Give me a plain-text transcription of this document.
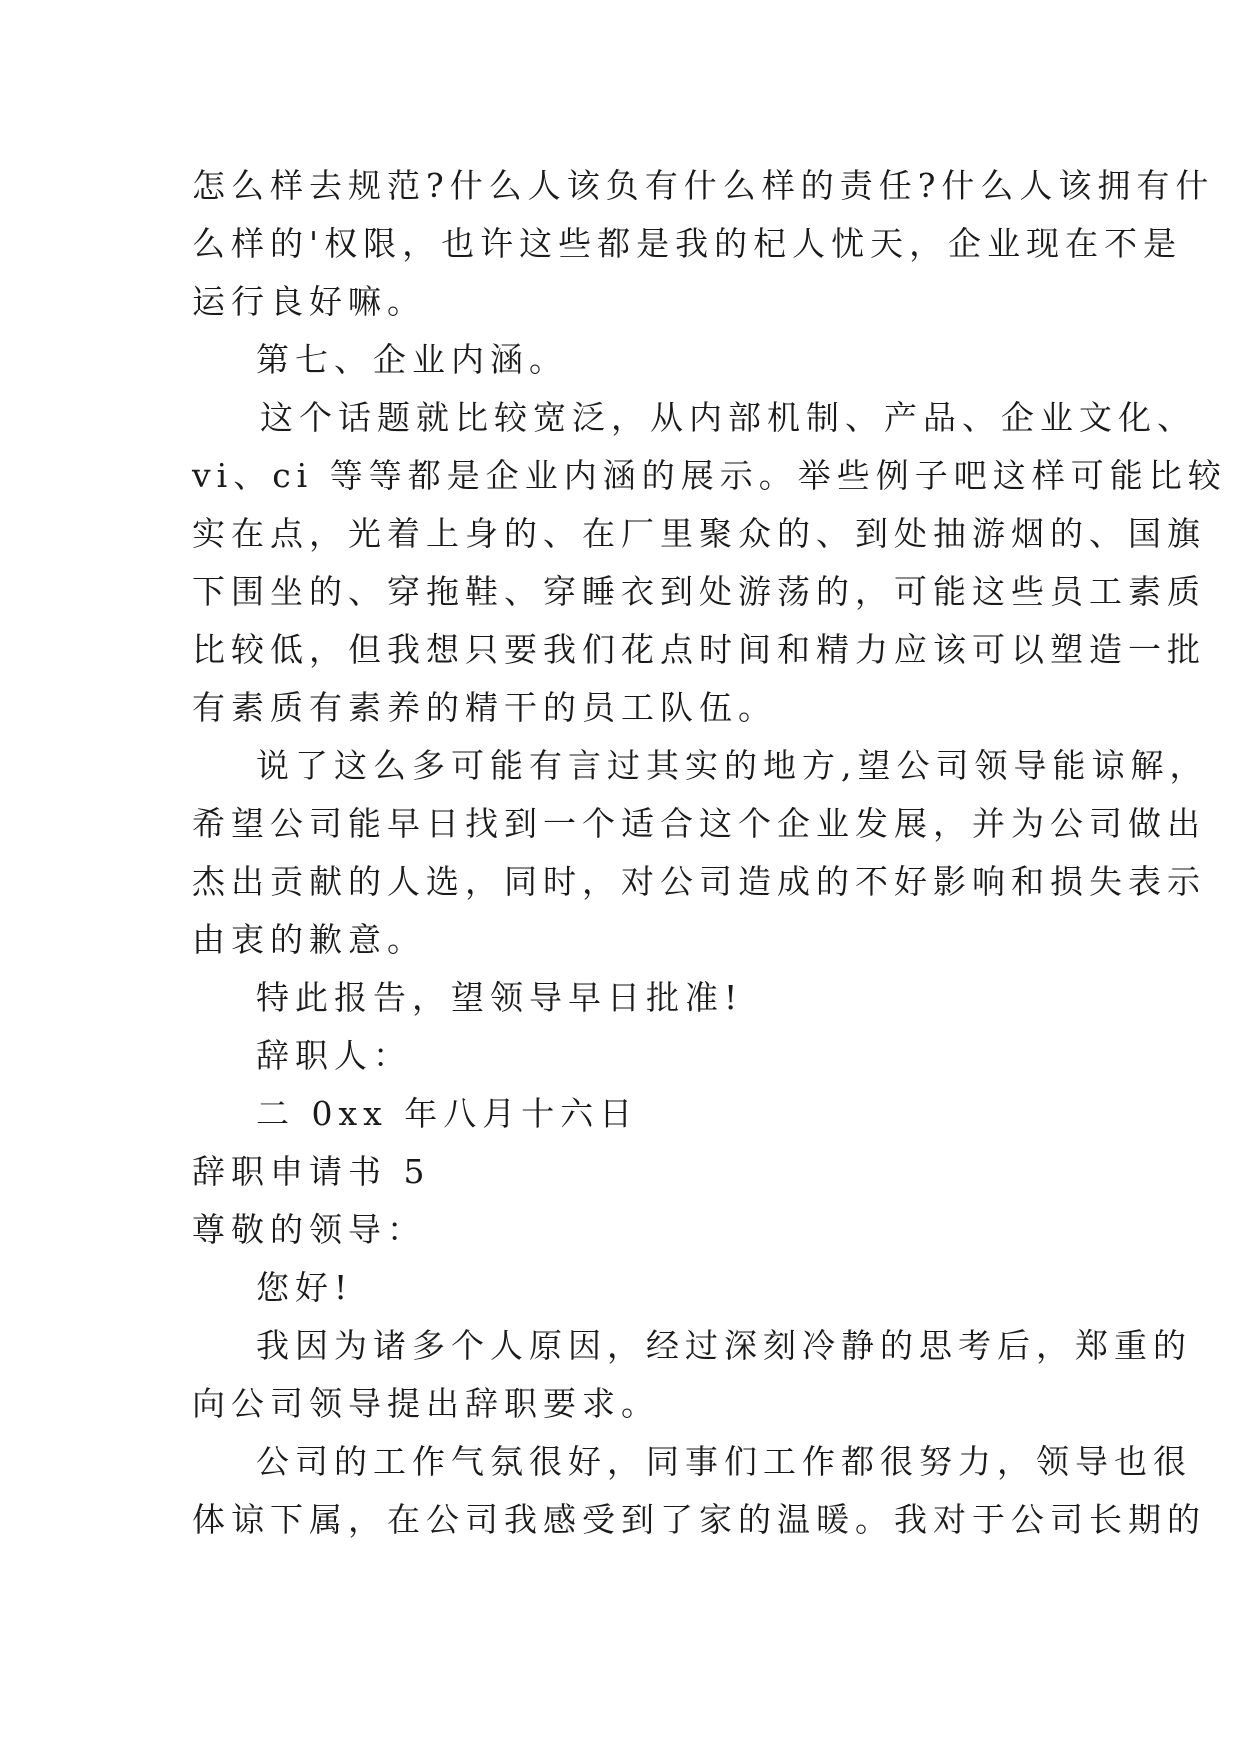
怎么样去规范?什么人该负有什么样的责任?什么人该拥有什
么样的'权限，也许这些都是我的杞人忧天，企业现在不是
运行良好嘛。
第七、企业内涵。
这个话题就比较宽泛，从内部机制、产品、企业文化、
vi、ci 等等都是企业内涵的展示。举些例子吧这样可能比较
实在点，光着上身的、在厂里聚众的、到处抽游烟的、国旗
下围坐的、穿拖鞋、穿睡衣到处游荡的，可能这些员工素质
比较低，但我想只要我们花点时间和精力应该可以塑造一批
有素质有素养的精干的员工队伍。
说了这么多可能有言过其实的地方,望公司领导能谅解，
希望公司能早日找到一个适合这个企业发展，并为公司做出
杰出贡献的人选，同时，对公司造成的不好影响和损失表示
由衷的歉意。
特此报告，望领导早日批准!
辞职人：
二 0xx 年八月十六日
辞职申请书 5
尊敬的领导：
您好!
我因为诸多个人原因，经过深刻冷静的思考后，郑重的
向公司领导提出辞职要求。
公司的工作气氛很好，同事们工作都很努力，领导也很
体谅下属，在公司我感受到了家的温暖。我对于公司长期的
